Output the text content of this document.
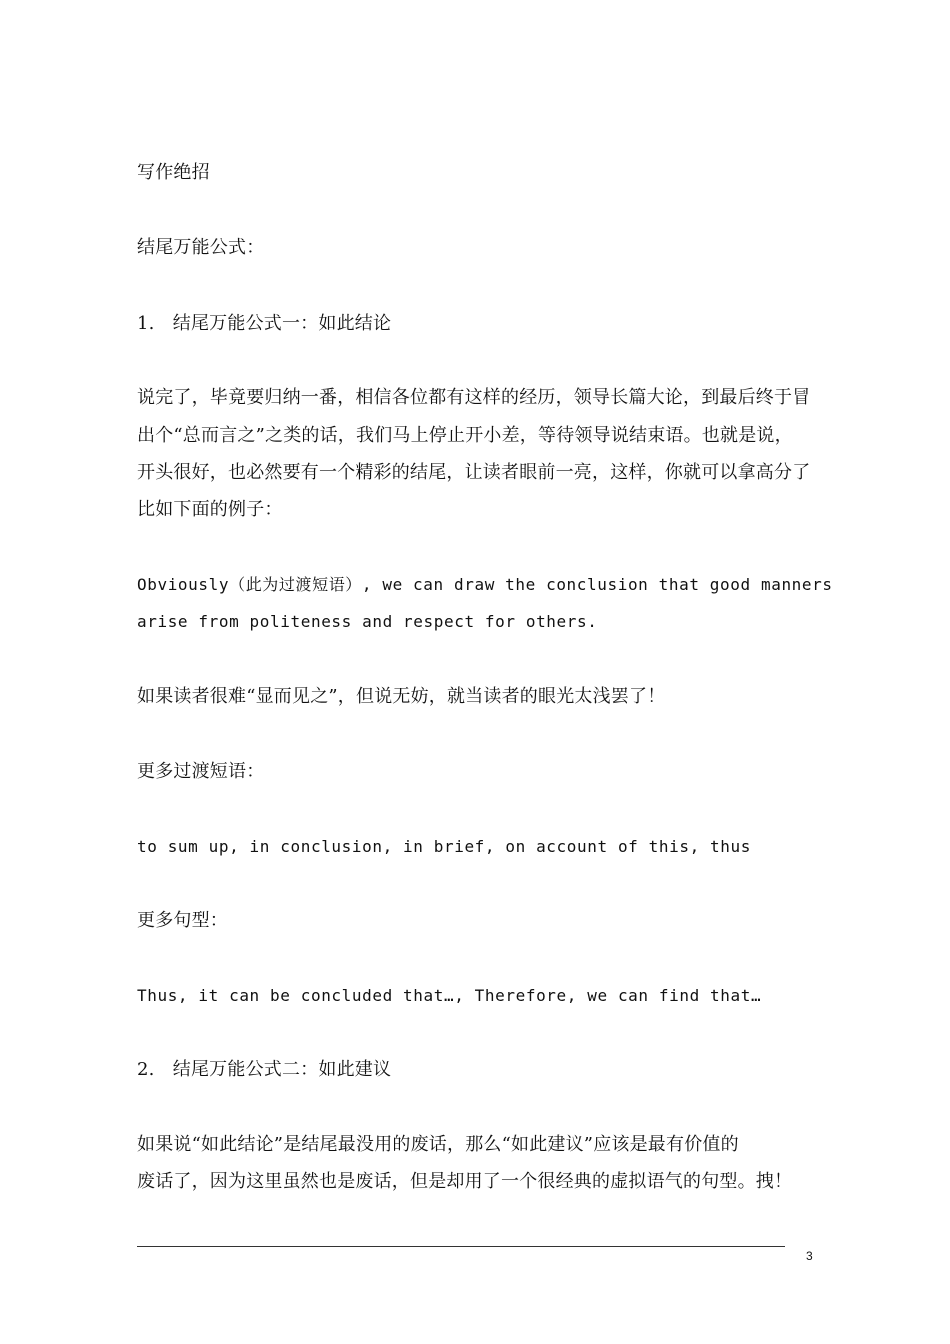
写作绝招
结尾万能公式：
1.　结尾万能公式一：如此结论
说完了，毕竟要归纳一番，相信各位都有这样的经历，领导长篇大论，到最后终于冒
出个“总而言之”之类的话，我们马上停止开小差，等待领导说结束语。也就是说，
开头很好，也必然要有一个精彩的结尾，让读者眼前一亮，这样，你就可以拿高分了
比如下面的例子：
Obviously（此为过渡短语）, we can draw the conclusion that good manners
arise from politeness and respect for others.
如果读者很难“显而见之”，但说无妨，就当读者的眼光太浅罢了！
更多过渡短语：
to sum up, in conclusion, in brief, on account of this, thus
更多句型：
Thus, it can be concluded that…, Therefore, we can find that…
2.　结尾万能公式二：如此建议
如果说“如此结论”是结尾最没用的废话，那么“如此建议”应该是最有价值的
废话了，因为这里虽然也是废话，但是却用了一个很经典的虚拟语气的句型。拽！
3
